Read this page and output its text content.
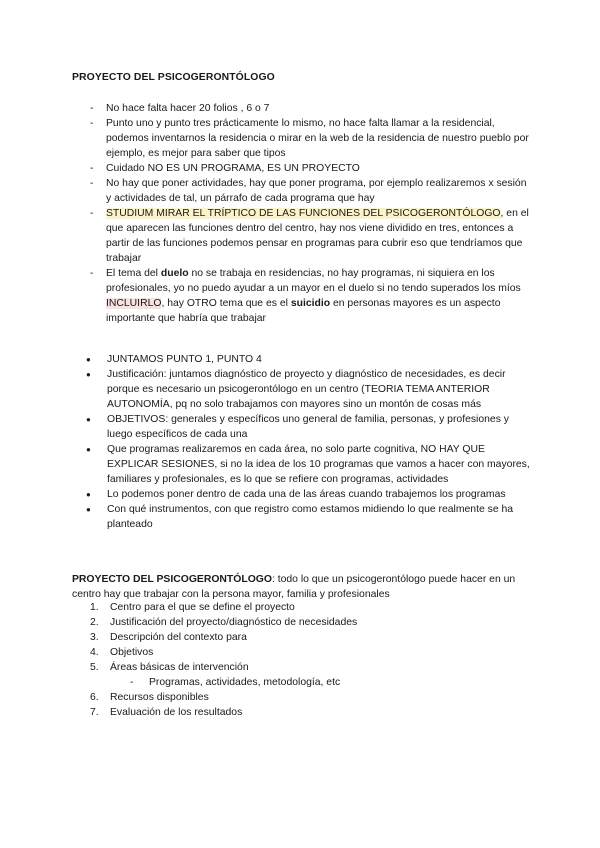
PROYECTO DEL PSICOGERONTÓLOGO
- No hace falta hacer 20 folios , 6 o 7
- Punto uno y punto tres prácticamente lo mismo, no hace falta llamar a la residencial, podemos inventarnos la residencia o mirar en la web de la residencia de nuestro pueblo por ejemplo, es mejor para saber que tipos
- Cuidado NO ES UN PROGRAMA, ES UN PROYECTO
- No hay que poner actividades, hay que poner programa, por ejemplo realizaremos x sesión y actividades de tal, un párrafo de cada programa que hay
- STUDIUM MIRAR EL TRÍPTICO DE LAS FUNCIONES DEL PSICOGERONTÓLOGO, en el que aparecen las funciones dentro del centro, hay nos viene dividido en tres, entonces a partir de las funciones podemos pensar en programas para cubrir eso que tendríamos que trabajar
- El tema del duelo no se trabaja en residencias, no hay programas, ni siquiera en los profesionales, yo no puedo ayudar a un mayor en el duelo si no tendo superados los míos INCLUIRLO, hay OTRO tema que es el suicidio en personas mayores es un aspecto importante que habría que trabajar
● JUNTAMOS PUNTO 1, PUNTO 4
● Justificación: juntamos diagnóstico de proyecto y diagnóstico de necesidades, es decir porque es necesario un psicogerontólogo en un centro (TEORIA TEMA ANTERIOR AUTONOMÍA, pq no solo trabajamos con mayores sino un montón de cosas más
● OBJETIVOS: generales y específicos uno general de familia, personas, y profesiones y luego específicos de cada una
● Que programas realizaremos en cada área, no solo parte cognitiva, NO HAY QUE EXPLICAR SESIONES, si no la idea de los 10 programas que vamos a hacer con mayores, familiares y profesionales, es lo que se refiere con programas, actividades
● Lo podemos poner dentro de cada una de las áreas cuando trabajemos los programas
● Con qué instrumentos, con que registro como estamos midiendo lo que realmente se ha planteado
PROYECTO DEL PSICOGERONTÓLOGO: todo lo que un psicogerontólogo puede hacer en un centro hay que trabajar con la persona mayor, familia y profesionales
1. Centro para el que se define el proyecto
2. Justificación del proyecto/diagnóstico de necesidades
3. Descripción del contexto para
4. Objetivos
5. Áreas básicas de intervención
- Programas, actividades, metodología, etc
6. Recursos disponibles
7. Evaluación de los resultados
